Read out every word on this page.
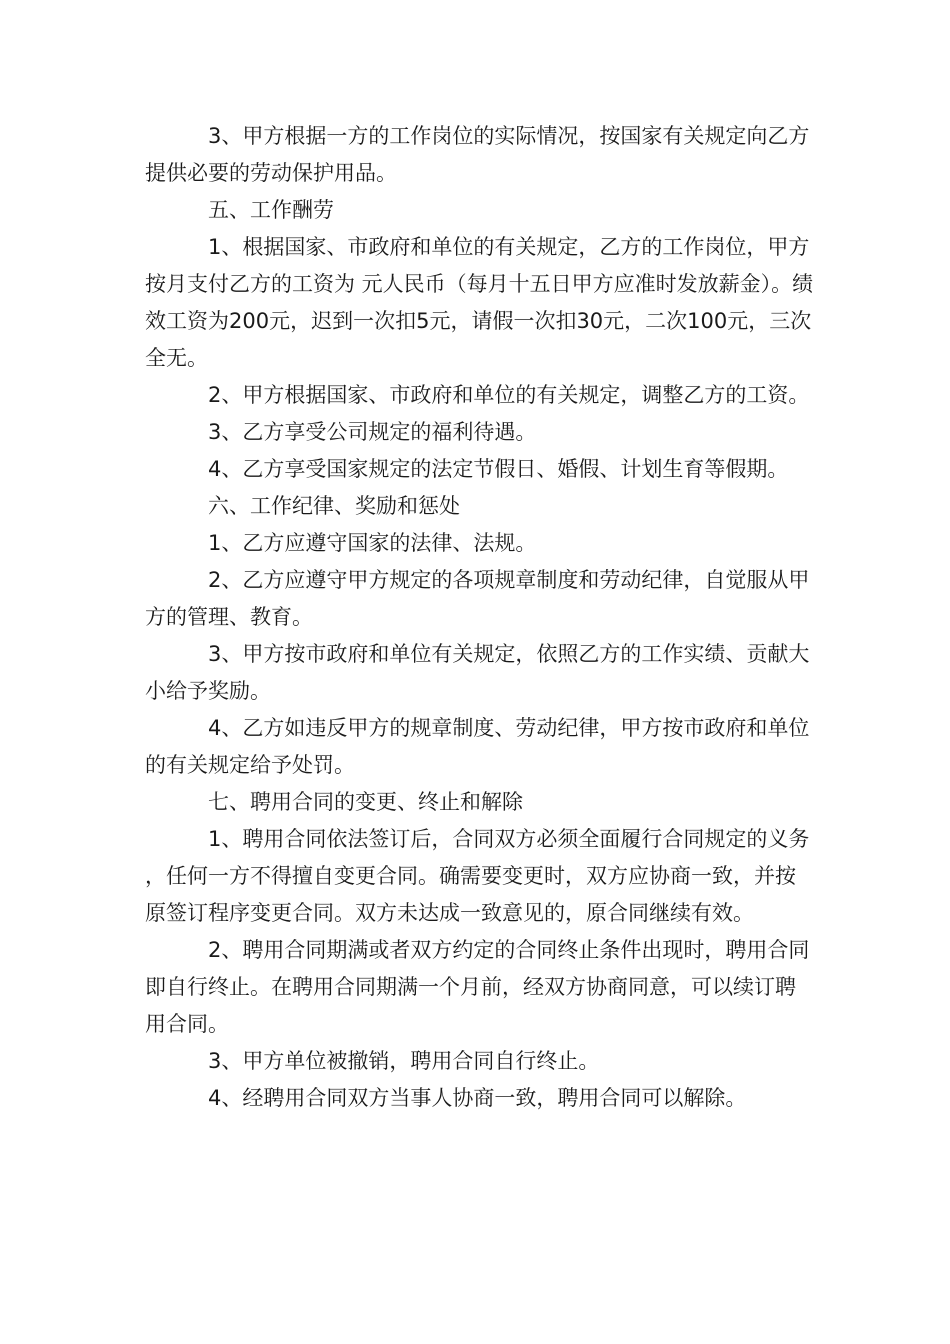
3、甲方根据一方的工作岗位的实际情况，按国家有关规定向乙方提供必要的劳动保护用品。

五、工作酬劳

1、根据国家、市政府和单位的有关规定，乙方的工作岗位，甲方按月支付乙方的工资为 元人民币（每月十五日甲方应准时发放薪金）。绩效工资为200元，迟到一次扣5元，请假一次扣30元，二次100元，三次全无。

2、甲方根据国家、市政府和单位的有关规定，调整乙方的工资。

3、乙方享受公司规定的福利待遇。

4、乙方享受国家规定的法定节假日、婚假、计划生育等假期。

六、工作纪律、奖励和惩处

1、乙方应遵守国家的法律、法规。

2、乙方应遵守甲方规定的各项规章制度和劳动纪律，自觉服从甲方的管理、教育。

3、甲方按市政府和单位有关规定，依照乙方的工作实绩、贡献大小给予奖励。

4、乙方如违反甲方的规章制度、劳动纪律，甲方按市政府和单位的有关规定给予处罚。

七、聘用合同的变更、终止和解除

1、聘用合同依法签订后，合同双方必须全面履行合同规定的义务，任何一方不得擅自变更合同。确需要变更时，双方应协商一致，并按原签订程序变更合同。双方未达成一致意见的，原合同继续有效。

2、聘用合同期满或者双方约定的合同终止条件出现时，聘用合同即自行终止。在聘用合同期满一个月前，经双方协商同意，可以续订聘用合同。

3、甲方单位被撤销，聘用合同自行终止。

4、经聘用合同双方当事人协商一致，聘用合同可以解除。
